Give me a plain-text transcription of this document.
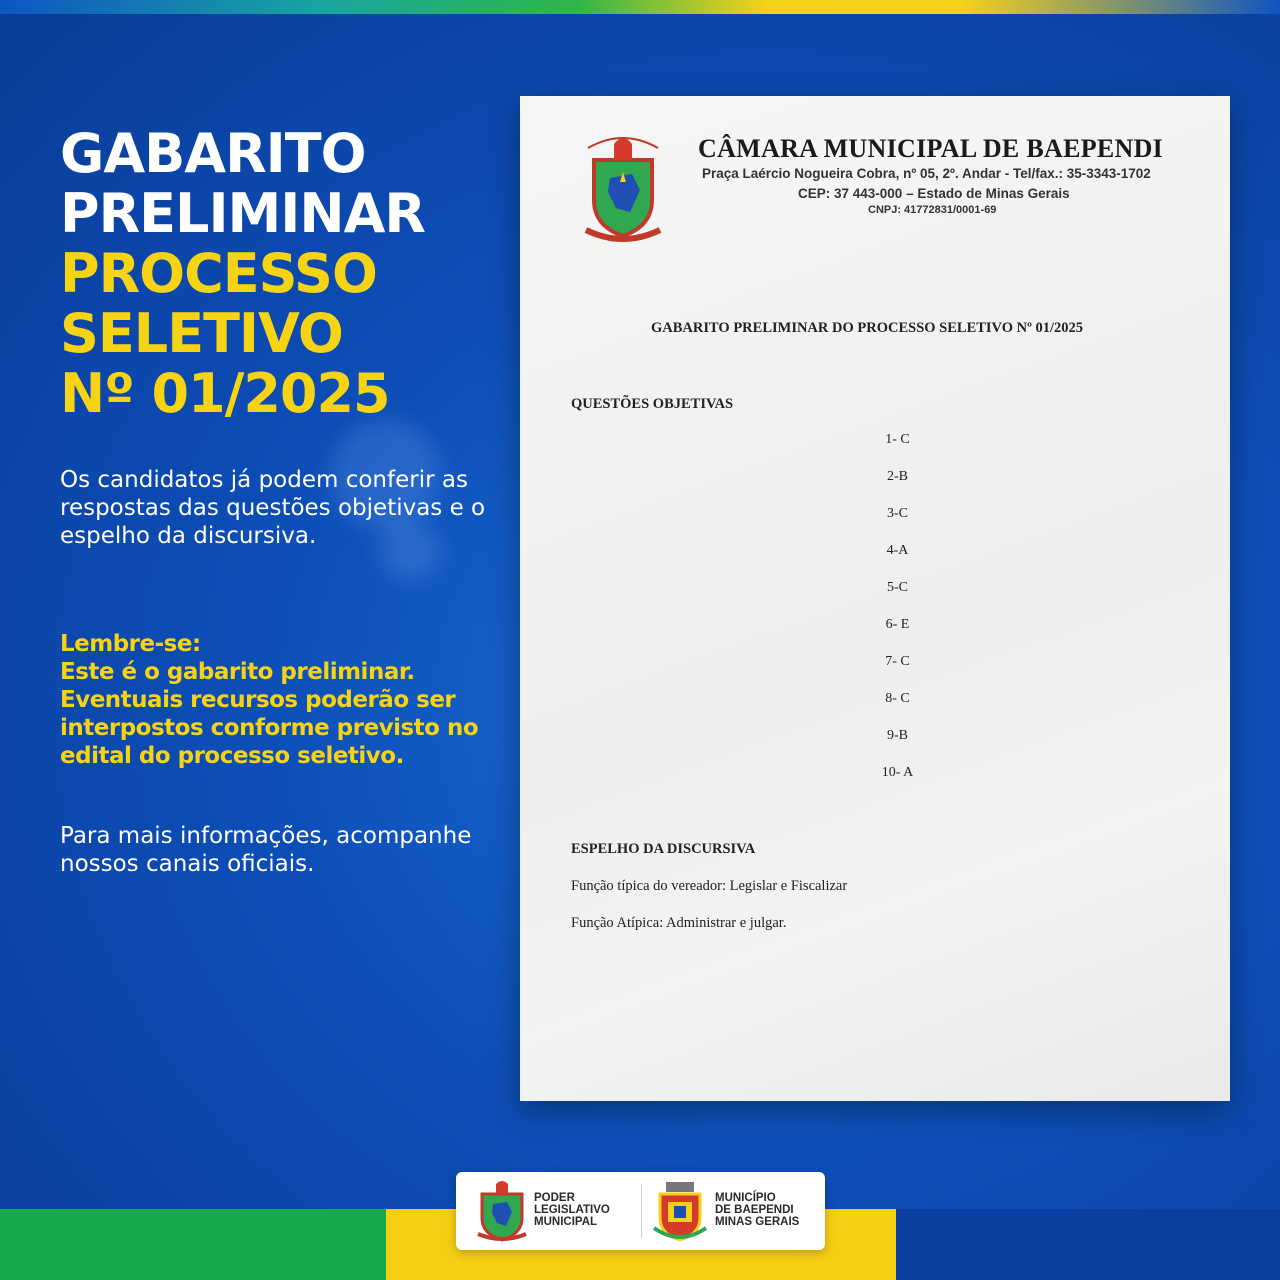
GABARITO
PRELIMINAR
PROCESSO
SELETIVO
Nº 01/2025

Os candidatos já podem conferir as respostas das questões objetivas e o espelho da discursiva.

Lembre-se:
Este é o gabarito preliminar. Eventuais recursos poderão ser interpostos conforme previsto no edital do processo seletivo.

Para mais informações, acompanhe nossos canais oficiais.

CÂMARA MUNICIPAL DE BAEPENDI
Praça Laércio Nogueira Cobra, nº 05, 2º. Andar - Tel/fax.: 35-3343-1702
CEP: 37 443-000 – Estado de Minas Gerais
CNPJ: 41772831/0001-69
GABARITO PRELIMINAR DO PROCESSO SELETIVO Nº 01/2025
QUESTÕES OBJETIVAS
1- C
2-B
3-C
4-A
5-C
6- E
7- C
8- C
9-B
10- A
ESPELHO DA DISCURSIVA
Função típica do vereador: Legislar e Fiscalizar
Função Atípica: Administrar e julgar.
PODER
LEGISLATIVO
MUNICIPAL
MUNICÍPIO
DE BAEPENDI
MINAS GERAIS
